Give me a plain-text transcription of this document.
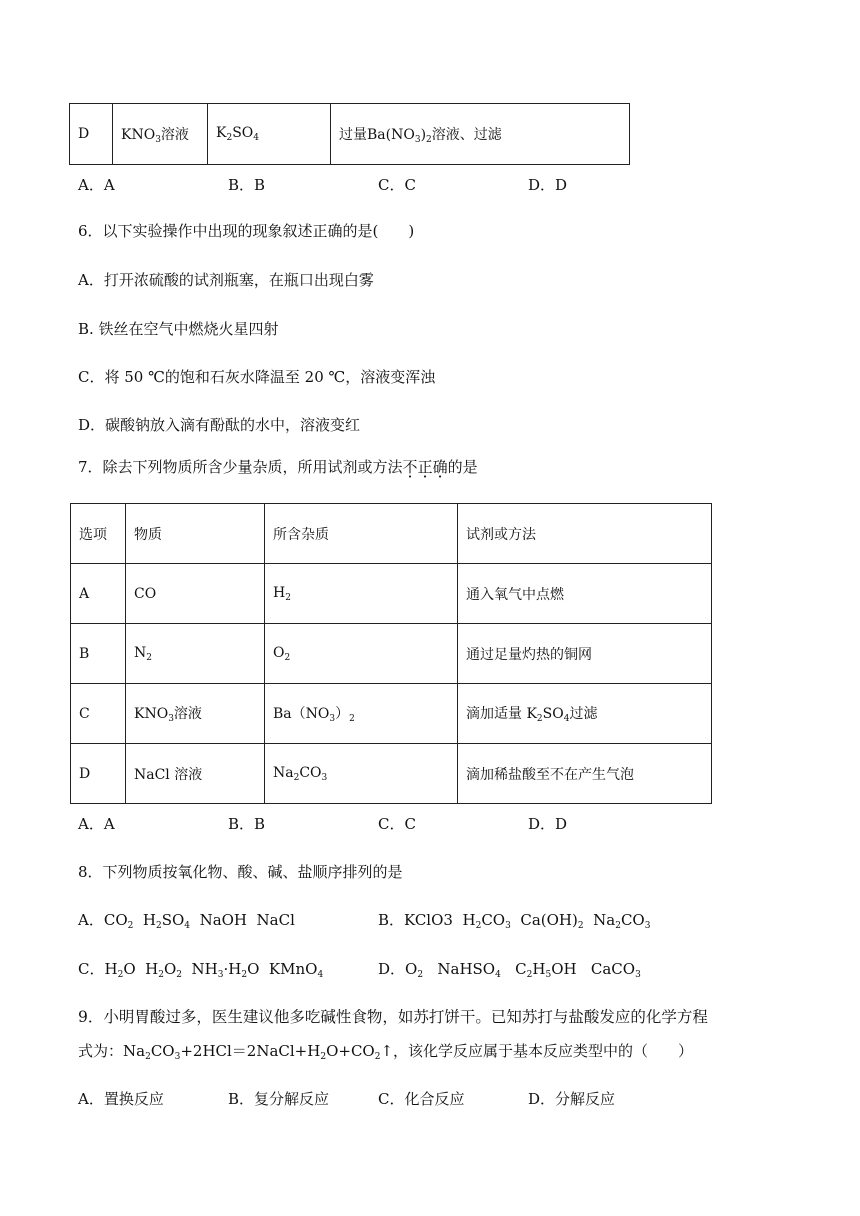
D	$KNO_3$溶液	$K_2SO_4$	过量$Ba(NO_3)_2$溶液、过滤
A．A	B．B	C．C	D．D
6．以下实验操作中出现的现象叙述正确的是(　　)
A．打开浓硫酸的试剂瓶塞，在瓶口出现白雾
B. 铁丝在空气中燃烧火星四射
C．将 50 ℃的饱和石灰水降温至 20 ℃，溶液变浑浊
D．碳酸钠放入滴有酚酞的水中，溶液变红
7．除去下列物质所含少量杂质，所用试剂或方法不正确的是
选项	物质	所含杂质	试剂或方法
A	CO	$H_2$	通入氧气中点燃
B	$N_2$	$O_2$	通过足量灼热的铜网
C	$KNO_3$溶液	$Ba(NO_3)_2$	滴加适量 $K_2SO_4$过滤
D	NaCl 溶液	$Na_2CO_3$	滴加稀盐酸至不在产生气泡
A．A	B．B	C．C	D．D
8．下列物质按氧化物、酸、碱、盐顺序排列的是
A．$CO_2$  $H_2SO_4$  NaOH  NaCl	B．KClO3  $H_2CO_3$  $Ca(OH)_2$  $Na_2CO_3$
C．$H_2O$  $H_2O_2$  $NH_3\cdot H_2O$  KMnO$_4$	D．$O_2$   NaHSO$_4$   $C_2H_5OH$   CaCO$_3$
9．小明胃酸过多，医生建议他多吃碱性食物，如苏打饼干。已知苏打与盐酸发应的化学方程
式为：$Na_2CO_3+2HCl=2NaCl+H_2O+CO_2↑$，该化学反应属于基本反应类型中的（　　）
A．置换反应	B．复分解反应	C．化合反应	D．分解反应
